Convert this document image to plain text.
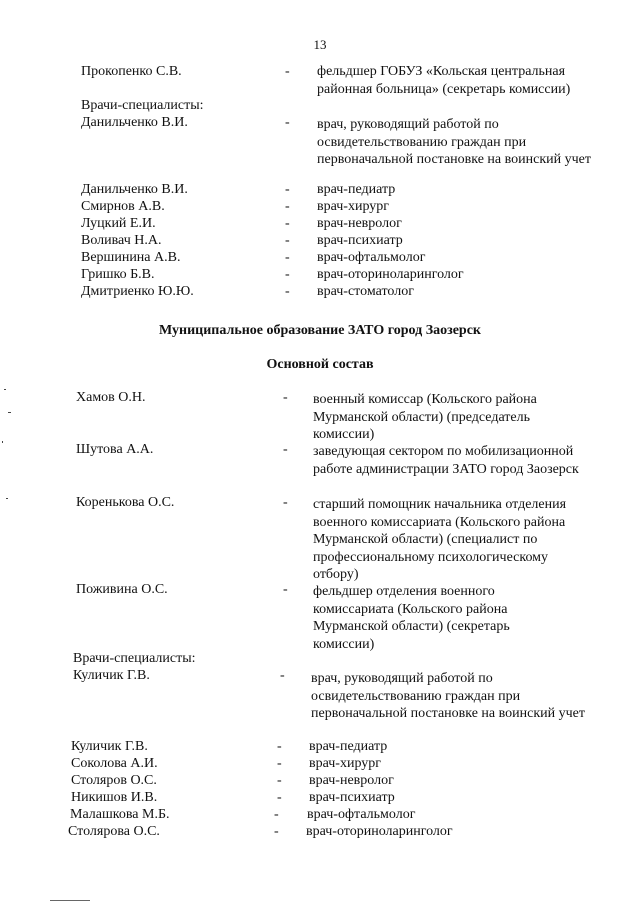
13
Прокопенко С.В.	- фельдшер ГОБУЗ «Кольская центральная районная больница» (секретарь комиссии)
Врачи-специалисты:
Данильченко В.И.	- врач, руководящий работой по освидетельствованию граждан при первоначальной постановке на воинский учет
Данильченко В.И.	- врач-педиатр
Смирнов А.В.	- врач-хирург
Луцкий Е.И.	- врач-невролог
Воливач Н.А.	- врач-психиатр
Вершинина А.В.	- врач-офтальмолог
Гришко Б.В.	- врач-оториноларинголог
Дмитриенко Ю.Ю.	- врач-стоматолог
Муниципальное образование ЗАТО город Заозерск
Основной состав
Хамов О.Н.	- военный комиссар (Кольского района Мурманской области) (председатель комиссии)
Шутова А.А.	- заведующая сектором по мобилизационной работе администрации ЗАТО город Заозерск
Коренькова О.С.	- старший помощник начальника отделения военного комиссариата (Кольского района Мурманской области) (специалист по профессиональному психологическому отбору)
Поживина О.С.	- фельдшер отделения военного комиссариата (Кольского района Мурманской области) (секретарь комиссии)
Врачи-специалисты:
Куличик Г.В.	- врач, руководящий работой по освидетельствованию граждан при первоначальной постановке на воинский учет
Куличик Г.В.	- врач-педиатр
Соколова А.И.	- врач-хирург
Столяров О.С.	- врач-невролог
Никишов И.В.	- врач-психиатр
Малашкова М.Б.	- врач-офтальмолог
Столярова О.С.	- врач-оториноларинголог
